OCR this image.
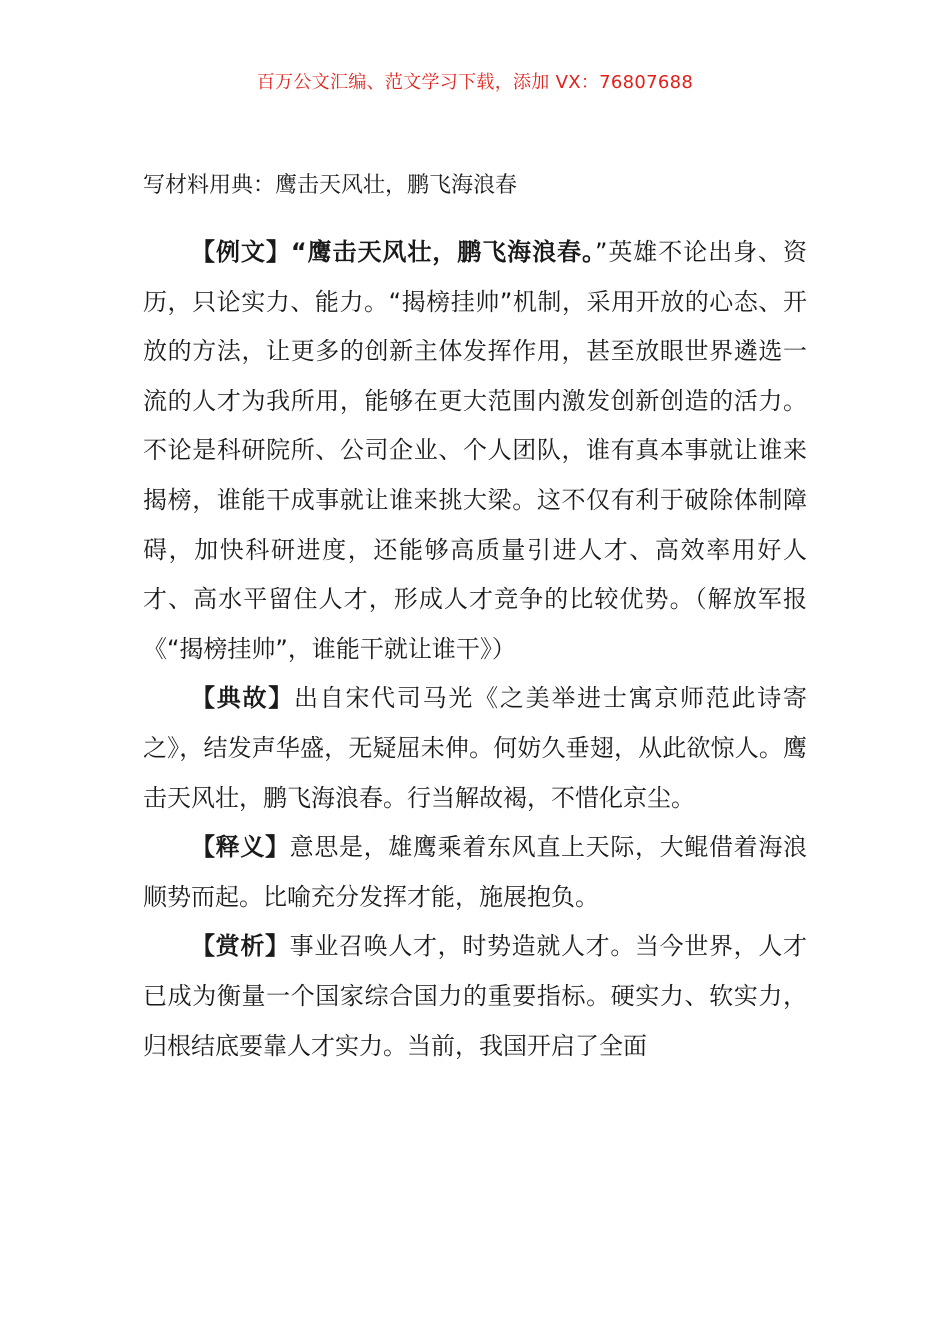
百万公文汇编、范文学习下载，添加 VX：76807688
写材料用典：鹰击天风壮，鹏飞海浪春

【例文】“鹰击天风壮，鹏飞海浪春。”英雄不论出身、资历，只论实力、能力。“揭榜挂帅”机制，采用开放的心态、开放的方法，让更多的创新主体发挥作用，甚至放眼世界遴选一流的人才为我所用，能够在更大范围内激发创新创造的活力。不论是科研院所、公司企业、个人团队，谁有真本事就让谁来揭榜，谁能干成事就让谁来挑大梁。这不仅有利于破除体制障碍，加快科研进度，还能够高质量引进人才、高效率用好人才、高水平留住人才，形成人才竞争的比较优势。（解放军报《“揭榜挂帅”，谁能干就让谁干》）

【典故】出自宋代司马光《之美举进士寓京师范此诗寄之》，结发声华盛，无疑屈未伸。何妨久垂翅，从此欲惊人。鹰击天风壮，鹏飞海浪春。行当解故褐，不惜化京尘。

【释义】意思是，雄鹰乘着东风直上天际，大鲲借着海浪顺势而起。比喻充分发挥才能，施展抱负。

【赏析】事业召唤人才，时势造就人才。当今世界，人才已成为衡量一个国家综合国力的重要指标。硬实力、软实力，归根结底要靠人才实力。当前，我国开启了全面
